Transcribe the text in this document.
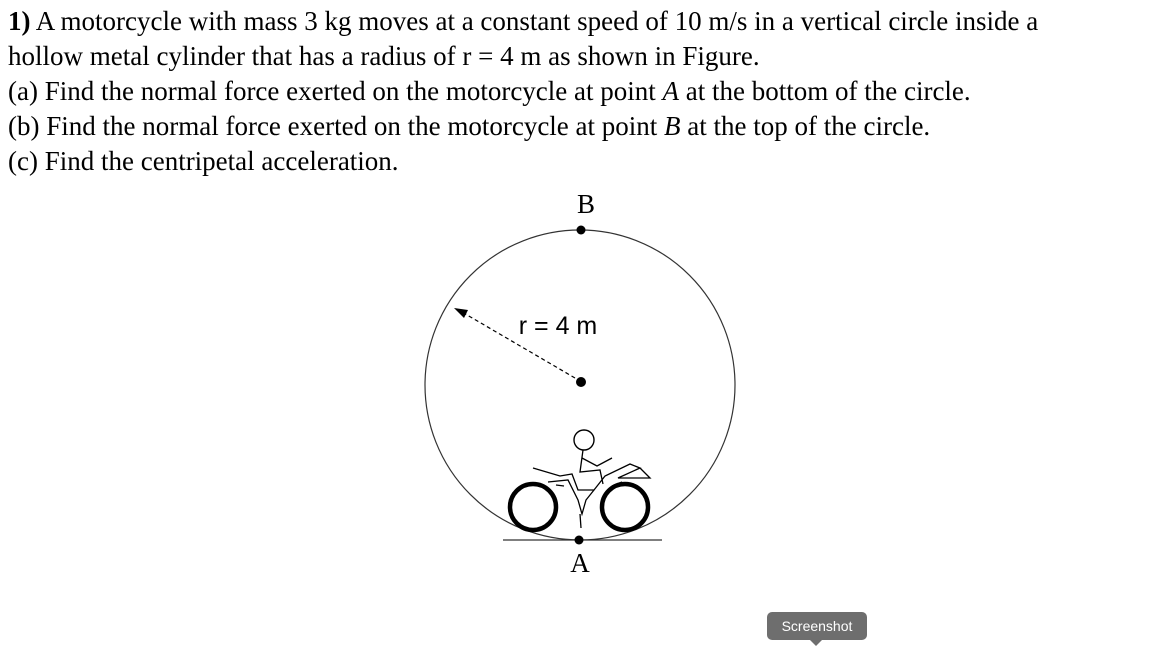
1) A motorcycle with mass 3 kg moves at a constant speed of 10 m/s in a vertical circle inside a

hollow metal cylinder that has a radius of r = 4 m as shown in Figure.

(a) Find the normal force exerted on the motorcycle at point A at the bottom of the circle.

(b) Find the normal force exerted on the motorcycle at point B at the top of the circle.

(c) Find the centripetal acceleration.

B
r = 4 m
A
Screenshot
